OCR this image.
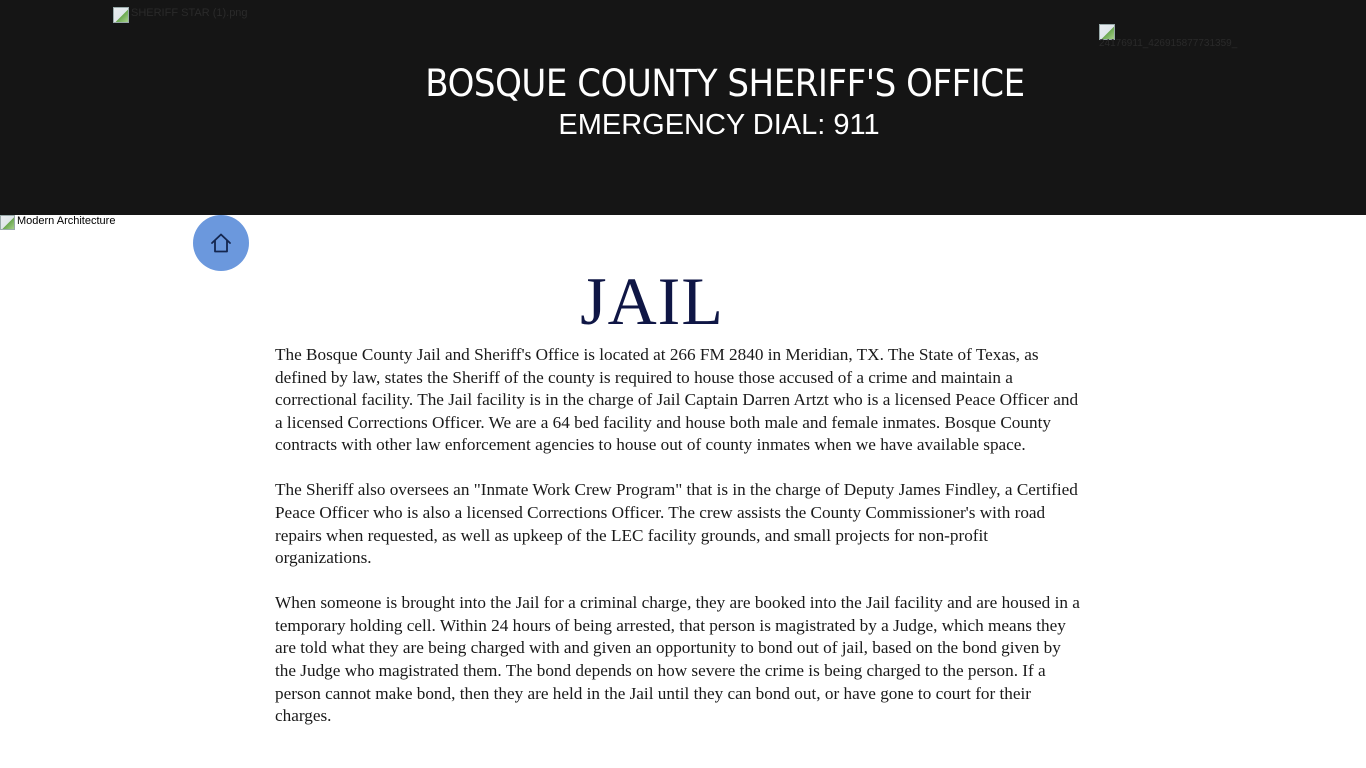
SHERIFF STAR (1).png
24176911_426915877731359_
BOSQUE COUNTY SHERIFF'S OFFICE
EMERGENCY DIAL: 911
Modern Architecture
JAIL

The Bosque County Jail and Sheriff's Office is located at 266 FM 2840 in Meridian, TX. The State of Texas, as defined by law, states the Sheriff of the county is required to house those accused of a crime and maintain a correctional facility. The Jail facility is in the charge of Jail Captain Darren Artzt who is a licensed Peace Officer and a licensed Corrections Officer. We are a 64 bed facility and house both male and female inmates. Bosque County contracts with other law enforcement agencies to house out of county inmates when we have available space.

The Sheriff also oversees an "Inmate Work Crew Program" that is in the charge of Deputy James Findley, a Certified Peace Officer who is also a licensed Corrections Officer. The crew assists the County Commissioner's with road repairs when requested, as well as upkeep of the LEC facility grounds, and small projects for non-profit organizations.

When someone is brought into the Jail for a criminal charge, they are booked into the Jail facility and are housed in a temporary holding cell. Within 24 hours of being arrested, that person is magistrated by a Judge, which means they are told what they are being charged with and given an opportunity to bond out of jail, based on the bond given by the Judge who magistrated them. The bond depends on how severe the crime is being charged to the person. If a person cannot make bond, then they are held in the Jail until they can bond out, or have gone to court for their charges.
